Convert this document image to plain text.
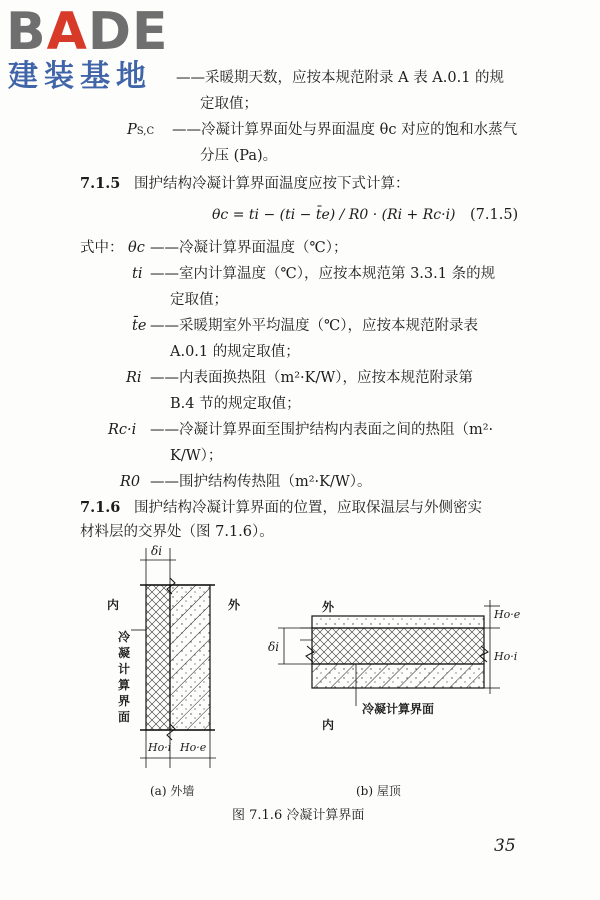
BADE
建装基地 ——采暖期天数，应按本规范附录 A 表 A.0.1 的规
定取值；
PS,C ——冷凝计算界面处与界面温度 θc 对应的饱和水蒸气
分压 (Pa)。
7.1.5 围护结构冷凝计算界面温度应按下式计算：
θc = ti − (ti − t̄e) / R0 · (Ri + Rc·i) (7.1.5)
式中： θc ——冷凝计算界面温度（℃）；
ti ——室内计算温度（℃），应按本规范第 3.3.1 条的规
定取值；
t̄e ——采暖期室外平均温度（℃），应按本规范附录表
A.0.1 的规定取值；
Ri ——内表面换热阻（m²·K/W），应按本规范附录第
B.4 节的规定取值；
Rc·i ——冷凝计算界面至围护结构内表面之间的热阻（m²·
K/W）；
R0 ——围护结构传热阻（m²·K/W）。
7.1.6 围护结构冷凝计算界面的位置，应取保温层与外侧密实
材料层的交界处（图 7.1.6）。
内	外
δi
冷
凝
计
算
界
面
Ho·i Ho·e
(a) 外墙
外
内
δi
Ho·e
Ho·i
冷凝计算界面
(b) 屋顶
图 7.1.6 冷凝计算界面
35
